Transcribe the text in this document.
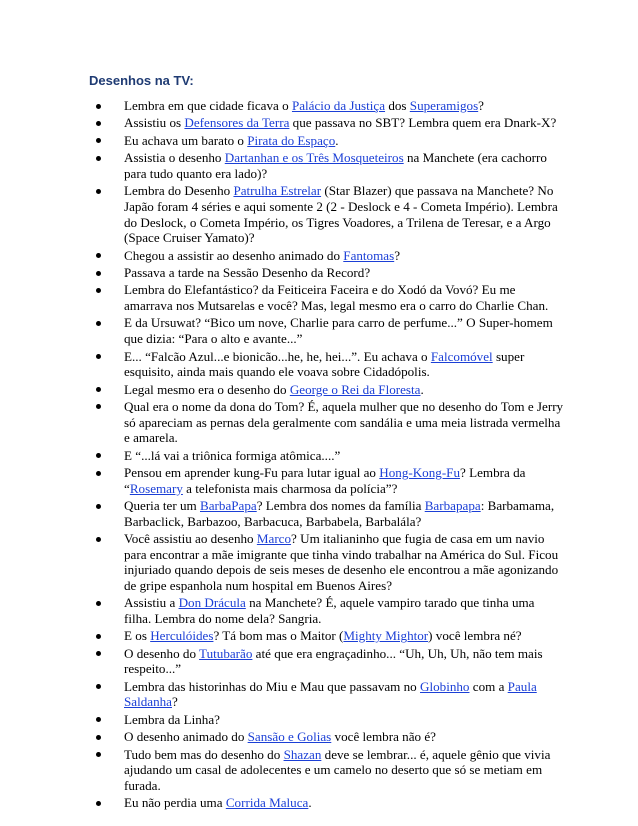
Desenhos na TV:
Lembra em que cidade ficava o Palácio da Justiça dos Superamigos?
Assistiu os Defensores da Terra que passava no SBT? Lembra quem era Dnark-X?
Eu achava um barato o Pirata do Espaço.
Assistia o desenho Dartanhan e os Três Mosqueteiros na Manchete (era cachorro para tudo quanto era lado)?
Lembra do Desenho Patrulha Estrelar (Star Blazer) que passava na Manchete? No Japão foram 4 séries e aqui somente 2 (2 - Deslock e 4 - Cometa Império). Lembra do Deslock, o Cometa Império, os Tigres Voadores, a Trilena de Teresar, e a Argo (Space Cruiser Yamato)?
Chegou a assistir ao desenho animado do Fantomas?
Passava a tarde na Sessão Desenho da Record?
Lembra do Elefantástico? da Feiticeira Faceira e do Xodó da Vovó? Eu me amarrava nos Mutsarelas e você? Mas, legal mesmo era o carro do Charlie Chan.
E da Ursuwat? “Bico um nove, Charlie para carro de perfume...” O Super-homem que dizia: “Para o alto e avante...”
E... “Falcão Azul...e bionicão...he, he, hei...”. Eu achava o Falcomóvel super esquisito, ainda mais quando ele voava sobre Cidadópolis.
Legal mesmo era o desenho do George o Rei da Floresta.
Qual era o nome da dona do Tom? É, aquela mulher que no desenho do Tom e Jerry só apareciam as pernas dela geralmente com sandália e uma meia listrada vermelha e amarela.
E “...lá vai a triônica formiga atômica....”
Pensou em aprender kung-Fu para lutar igual ao Hong-Kong-Fu? Lembra da “Rosemary a telefonista mais charmosa da polícia”?
Queria ter um BarbaPapa? Lembra dos nomes da família Barbapapa: Barbamama, Barbaclick, Barbazoo, Barbacuca, Barbabela, Barbalála?
Você assistiu ao desenho Marco? Um italianinho que fugia de casa em um navio para encontrar a mãe imigrante que tinha vindo trabalhar na América do Sul. Ficou injuriado quando depois de seis meses de desenho ele encontrou a mãe agonizando de gripe espanhola num hospital em Buenos Aires?
Assistiu a Don Drácula na Manchete? É, aquele vampiro tarado que tinha uma filha. Lembra do nome dela? Sangria.
E os Herculóides? Tá bom mas o Maitor (Mighty Mightor) você lembra né?
O desenho do Tutubarão até que era engraçadinho... “Uh, Uh, Uh, não tem mais respeito...”
Lembra das historinhas do Miu e Mau que passavam no Globinho com a Paula Saldanha?
Lembra da Linha?
O desenho animado do Sansão e Golias você lembra não é?
Tudo bem mas do desenho do Shazan deve se lembrar... é, aquele gênio que vivia ajudando um casal de adolecentes e um camelo no deserto que só se metiam em furada.
Eu não perdia uma Corrida Maluca.
